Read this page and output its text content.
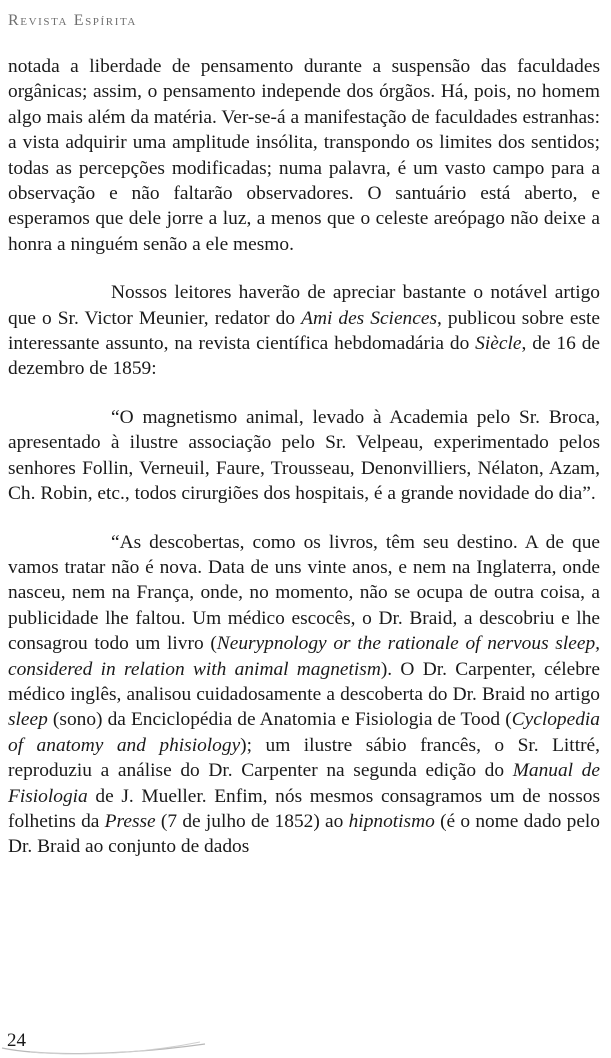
Revista Espírita

notada a liberdade de pensamento durante a suspensão das faculdades orgânicas; assim, o pensamento independe dos órgãos. Há, pois, no homem algo mais além da matéria. Ver-se-á a manifestação de faculdades estranhas: a vista adquirir uma amplitude insólita, transpondo os limites dos sentidos; todas as percepções modificadas; numa palavra, é um vasto campo para a observação e não faltarão observadores. O santuário está aberto, e esperamos que dele jorre a luz, a menos que o celeste areópago não deixe a honra a ninguém senão a ele mesmo.

Nossos leitores haverão de apreciar bastante o notável artigo que o Sr. Victor Meunier, redator do Ami des Sciences, publicou sobre este interessante assunto, na revista científica hebdomadária do Siècle, de 16 de dezembro de 1859:

“O magnetismo animal, levado à Academia pelo Sr. Broca, apresentado à ilustre associação pelo Sr. Velpeau, experimentado pelos senhores Follin, Verneuil, Faure, Trousseau, Denonvilliers, Nélaton, Azam, Ch. Robin, etc., todos cirurgiões dos hospitais, é a grande novidade do dia”.

“As descobertas, como os livros, têm seu destino. A de que vamos tratar não é nova. Data de uns vinte anos, e nem na Inglaterra, onde nasceu, nem na França, onde, no momento, não se ocupa de outra coisa, a publicidade lhe faltou. Um médico escocês, o Dr. Braid, a descobriu e lhe consagrou todo um livro (Neurypnology or the rationale of nervous sleep, considered in relation with animal magnetism). O Dr. Carpenter, célebre médico inglês, analisou cuidadosamente a descoberta do Dr. Braid no artigo sleep (sono) da Enciclopédia de Anatomia e Fisiologia de Tood (Cyclopedia of anatomy and phisiology); um ilustre sábio francês, o Sr. Littré, reproduziu a análise do Dr. Carpenter na segunda edição do Manual de Fisiologia de J. Mueller. Enfim, nós mesmos consagramos um de nossos folhetins da Presse (7 de julho de 1852) ao hipnotismo (é o nome dado pelo Dr. Braid ao conjunto de dados

24
